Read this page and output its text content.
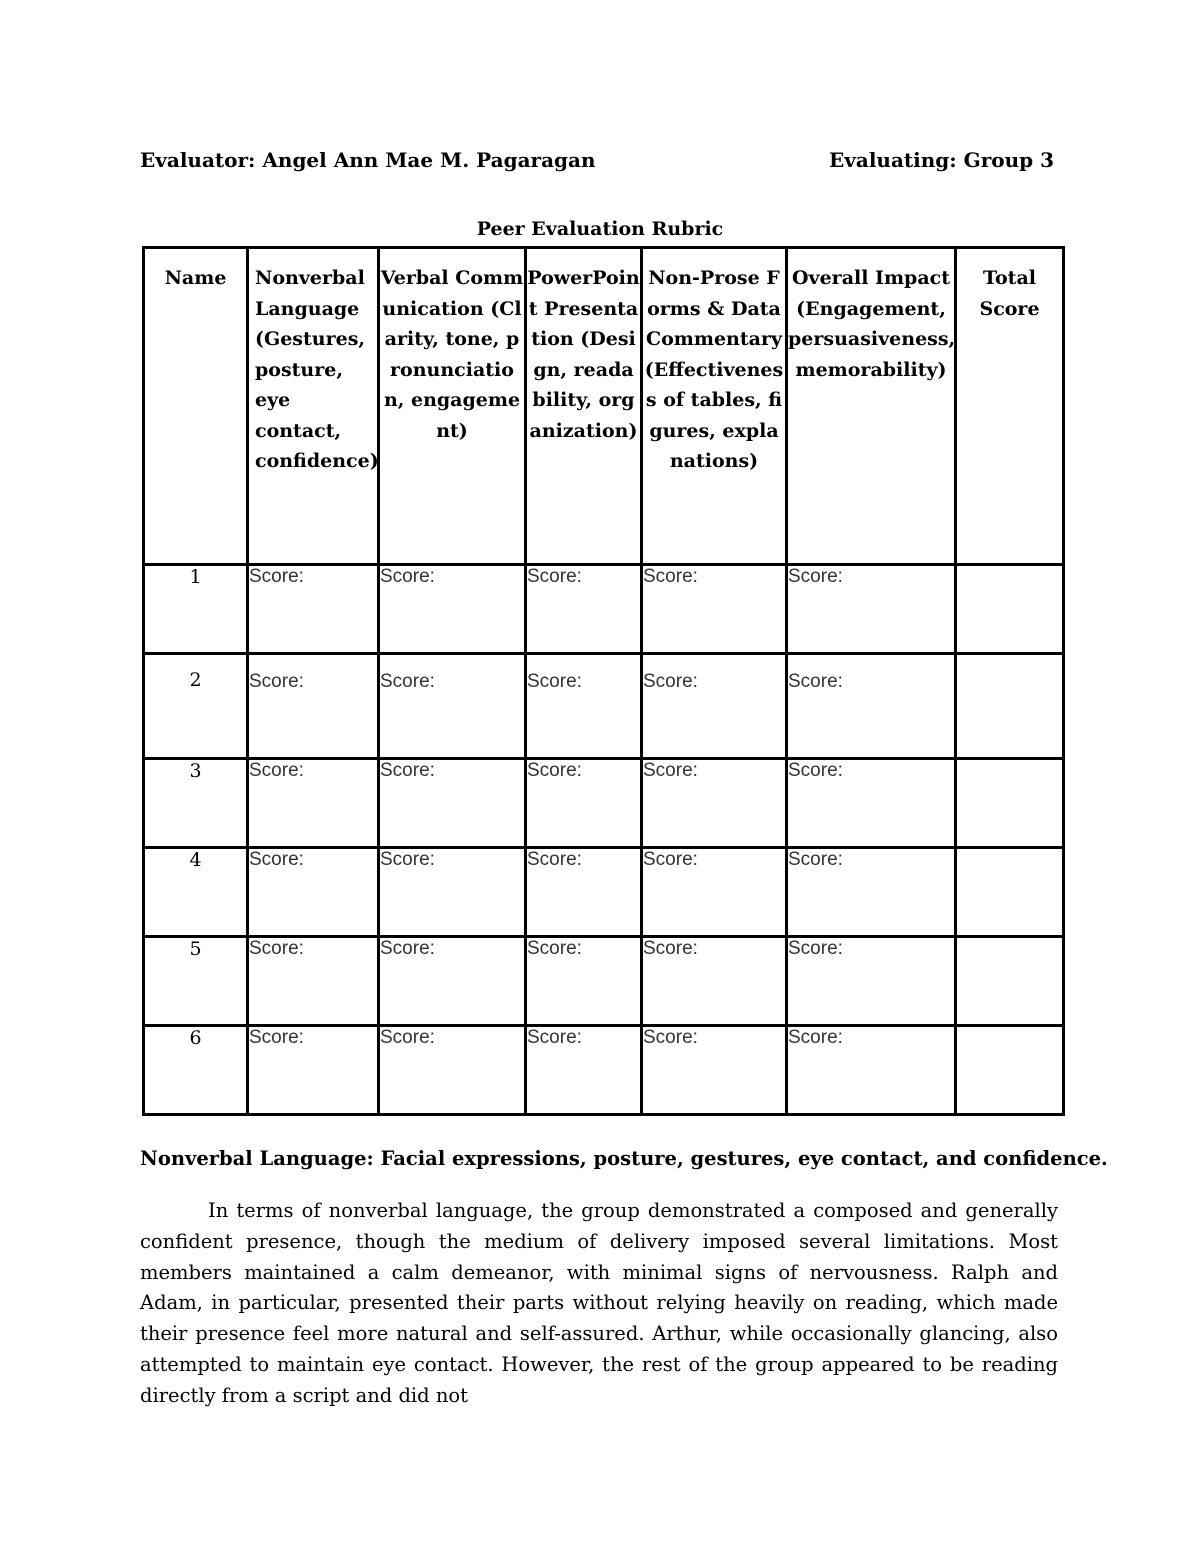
Evaluator: Angel Ann Mae M. Pagaragan	Evaluating: Group 3
Peer Evaluation Rubric
Name	Nonverbal Language (Gestures, posture, eye contact, confidence)	Verbal Communication (Clarity, tone, pronunciation, engagement)	PowerPoint Presentation (Design, readability, organization)	Non-Prose Forms & Data Commentary (Effectiveness of tables, figures, explanations)	Overall Impact (Engagement, persuasiveness, memorability)	Total Score
1	Score:	Score:	Score:	Score:	Score:	
2	Score:	Score:	Score:	Score:	Score:	
3	Score:	Score:	Score:	Score:	Score:	
4	Score:	Score:	Score:	Score:	Score:	
5	Score:	Score:	Score:	Score:	Score:	
6	Score:	Score:	Score:	Score:	Score:	
Nonverbal Language: Facial expressions, posture, gestures, eye contact, and confidence.

In terms of nonverbal language, the group demonstrated a composed and generally confident presence, though the medium of delivery imposed several limitations. Most members maintained a calm demeanor, with minimal signs of nervousness. Ralph and Adam, in particular, presented their parts without relying heavily on reading, which made their presence feel more natural and self-assured. Arthur, while occasionally glancing, also attempted to maintain eye contact. However, the rest of the group appeared to be reading directly from a script and did not
